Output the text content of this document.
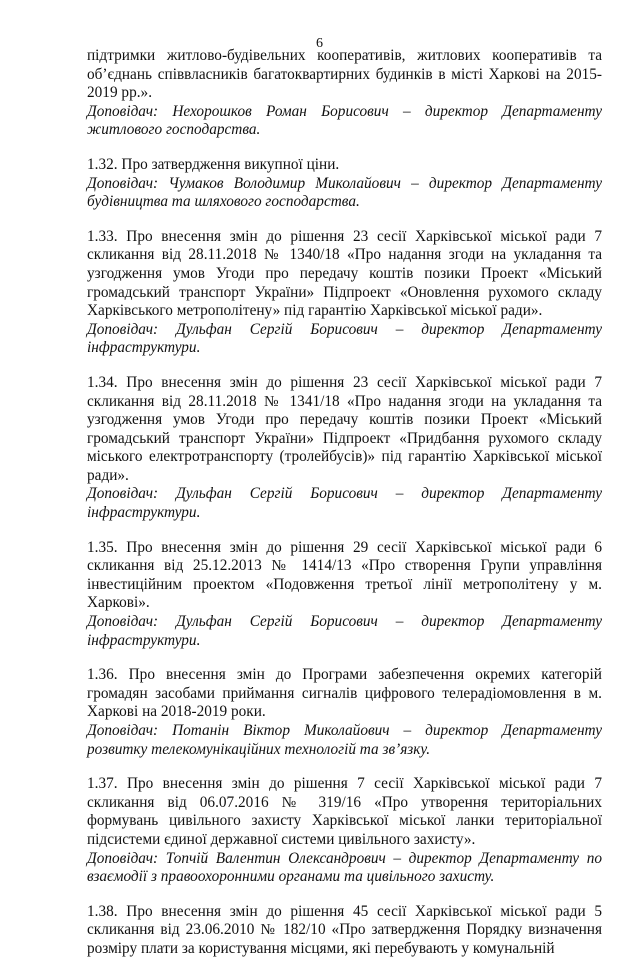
6
підтримки житлово-будівельних кооперативів, житлових кооперативів та об’єднань співвласників багатоквартирних будинків в місті Харкові на 2015-2019 рр.».
Доповідач: Нехорошков Роман Борисович – директор Департаменту житлового господарства.
1.32. Про затвердження викупної ціни.
Доповідач: Чумаков Володимир Миколайович – директор Департаменту будівництва та шляхового господарства.
1.33. Про внесення змін до рішення 23 сесії Харківської міської ради 7 скликання від 28.11.2018 № 1340/18 «Про надання згоди на укладання та узгодження умов Угоди про передачу коштів позики Проект «Міський громадський транспорт України» Підпроект «Оновлення рухомого складу Харківського метрополітену» під гарантію Харківської міської ради».
Доповідач: Дульфан Сергій Борисович – директор Департаменту інфраструктури.
1.34. Про внесення змін до рішення 23 сесії Харківської міської ради 7 скликання від 28.11.2018 № 1341/18 «Про надання згоди на укладання та узгодження умов Угоди про передачу коштів позики Проект «Міський громадський транспорт України» Підпроект «Придбання рухомого складу міського електротранспорту (тролейбусів)» під гарантію Харківської міської ради».
Доповідач: Дульфан Сергій Борисович – директор Департаменту інфраструктури.
1.35. Про внесення змін до рішення 29 сесії Харківської міської ради 6 скликання від 25.12.2013 № 1414/13 «Про створення Групи управління інвестиційним проектом «Подовження третьої лінії метрополітену у м. Харкові».
Доповідач: Дульфан Сергій Борисович – директор Департаменту інфраструктури.
1.36. Про внесення змін до Програми забезпечення окремих категорій громадян засобами приймання сигналів цифрового телерадіомовлення в м. Харкові на 2018-2019 роки.
Доповідач: Потанін Віктор Миколайович – директор Департаменту розвитку телекомунікаційних технологій та зв’язку.
1.37. Про внесення змін до рішення 7 сесії Харківської міської ради 7 скликання від 06.07.2016 № 319/16 «Про утворення територіальних формувань цивільного захисту Харківської міської ланки територіальної підсистеми єдиної державної системи цивільного захисту».
Доповідач: Топчій Валентин Олександрович – директор Департаменту по взаємодії з правоохоронними органами та цивільного захисту.
1.38. Про внесення змін до рішення 45 сесії Харківської міської ради 5 скликання від 23.06.2010 № 182/10 «Про затвердження Порядку визначення розміру плати за користування місцями, які перебувають у комунальній
